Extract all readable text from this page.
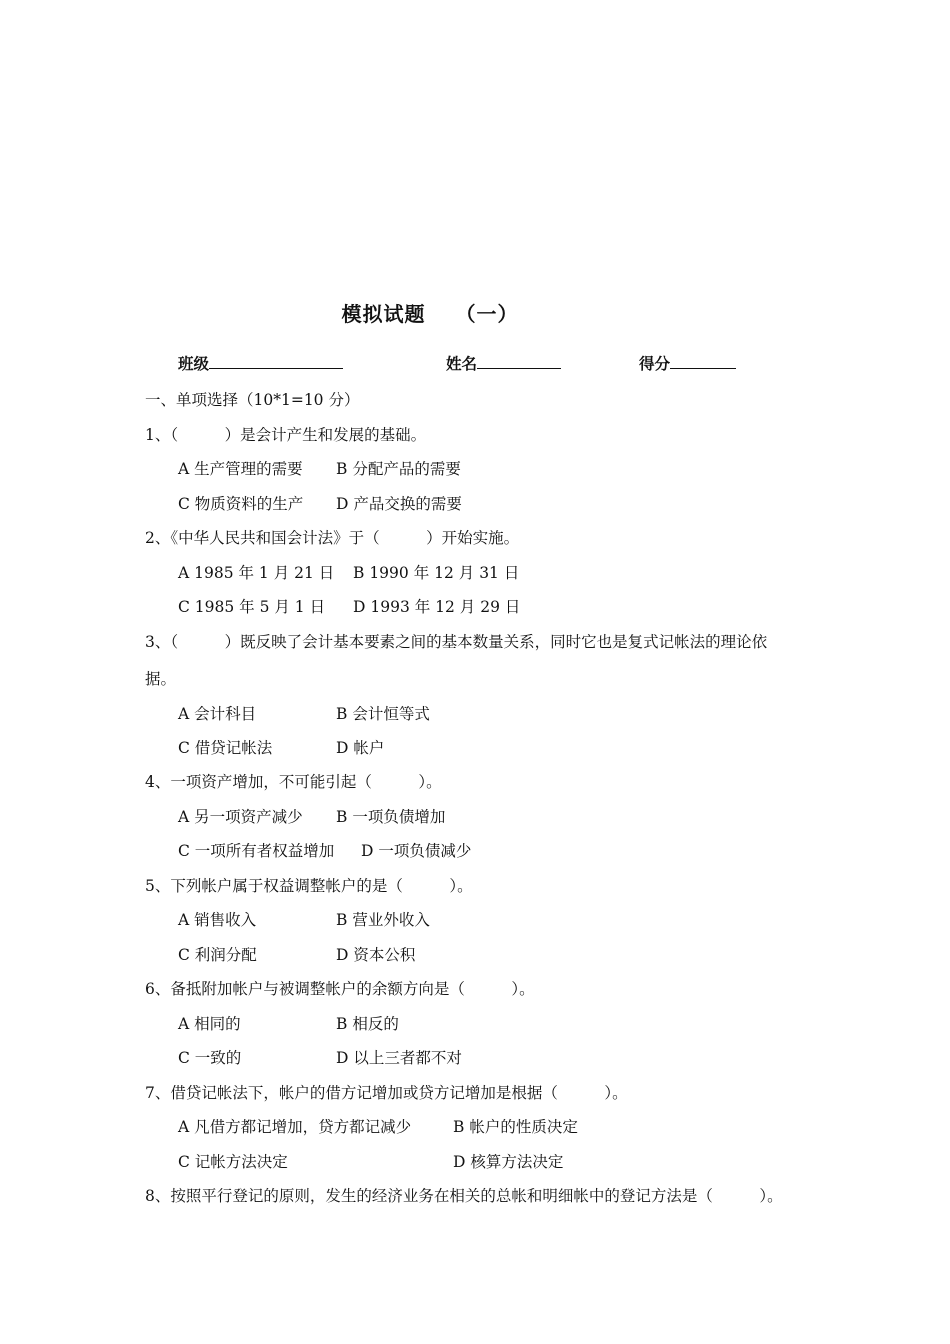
模拟试题 （一）
班级	姓名	得分
一、单项选择（10*1=10 分）
1、（　　　）是会计产生和发展的基础。
A 生产管理的需要 B 分配产品的需要
C 物质资料的生产 D 产品交换的需要
2、《中华人民共和国会计法》于（　　　）开始实施。
A 1985 年 1 月 21 日 B 1990 年 12 月 31 日
C 1985 年 5 月 1 日 D 1993 年 12 月 29 日
3、（　　　）既反映了会计基本要素之间的基本数量关系，同时它也是复式记帐法的理论依
据。
A 会计科目	B 会计恒等式
C 借贷记帐法	D 帐户
4、一项资产增加，不可能引起（　　　）。
A 另一项资产减少 B 一项负债增加
C 一项所有者权益增加 D 一项负债减少
5、下列帐户属于权益调整帐户的是（　　　）。
A 销售收入	B 营业外收入
C 利润分配	D 资本公积
6、备抵附加帐户与被调整帐户的余额方向是（　　　）。
A 相同的	B 相反的
C 一致的	D 以上三者都不对
7、借贷记帐法下，帐户的借方记增加或贷方记增加是根据（　　　）。
A 凡借方都记增加，贷方都记减少	B 帐户的性质决定
C 记帐方法决定	D 核算方法决定
8、按照平行登记的原则，发生的经济业务在相关的总帐和明细帐中的登记方法是（　　　）。
